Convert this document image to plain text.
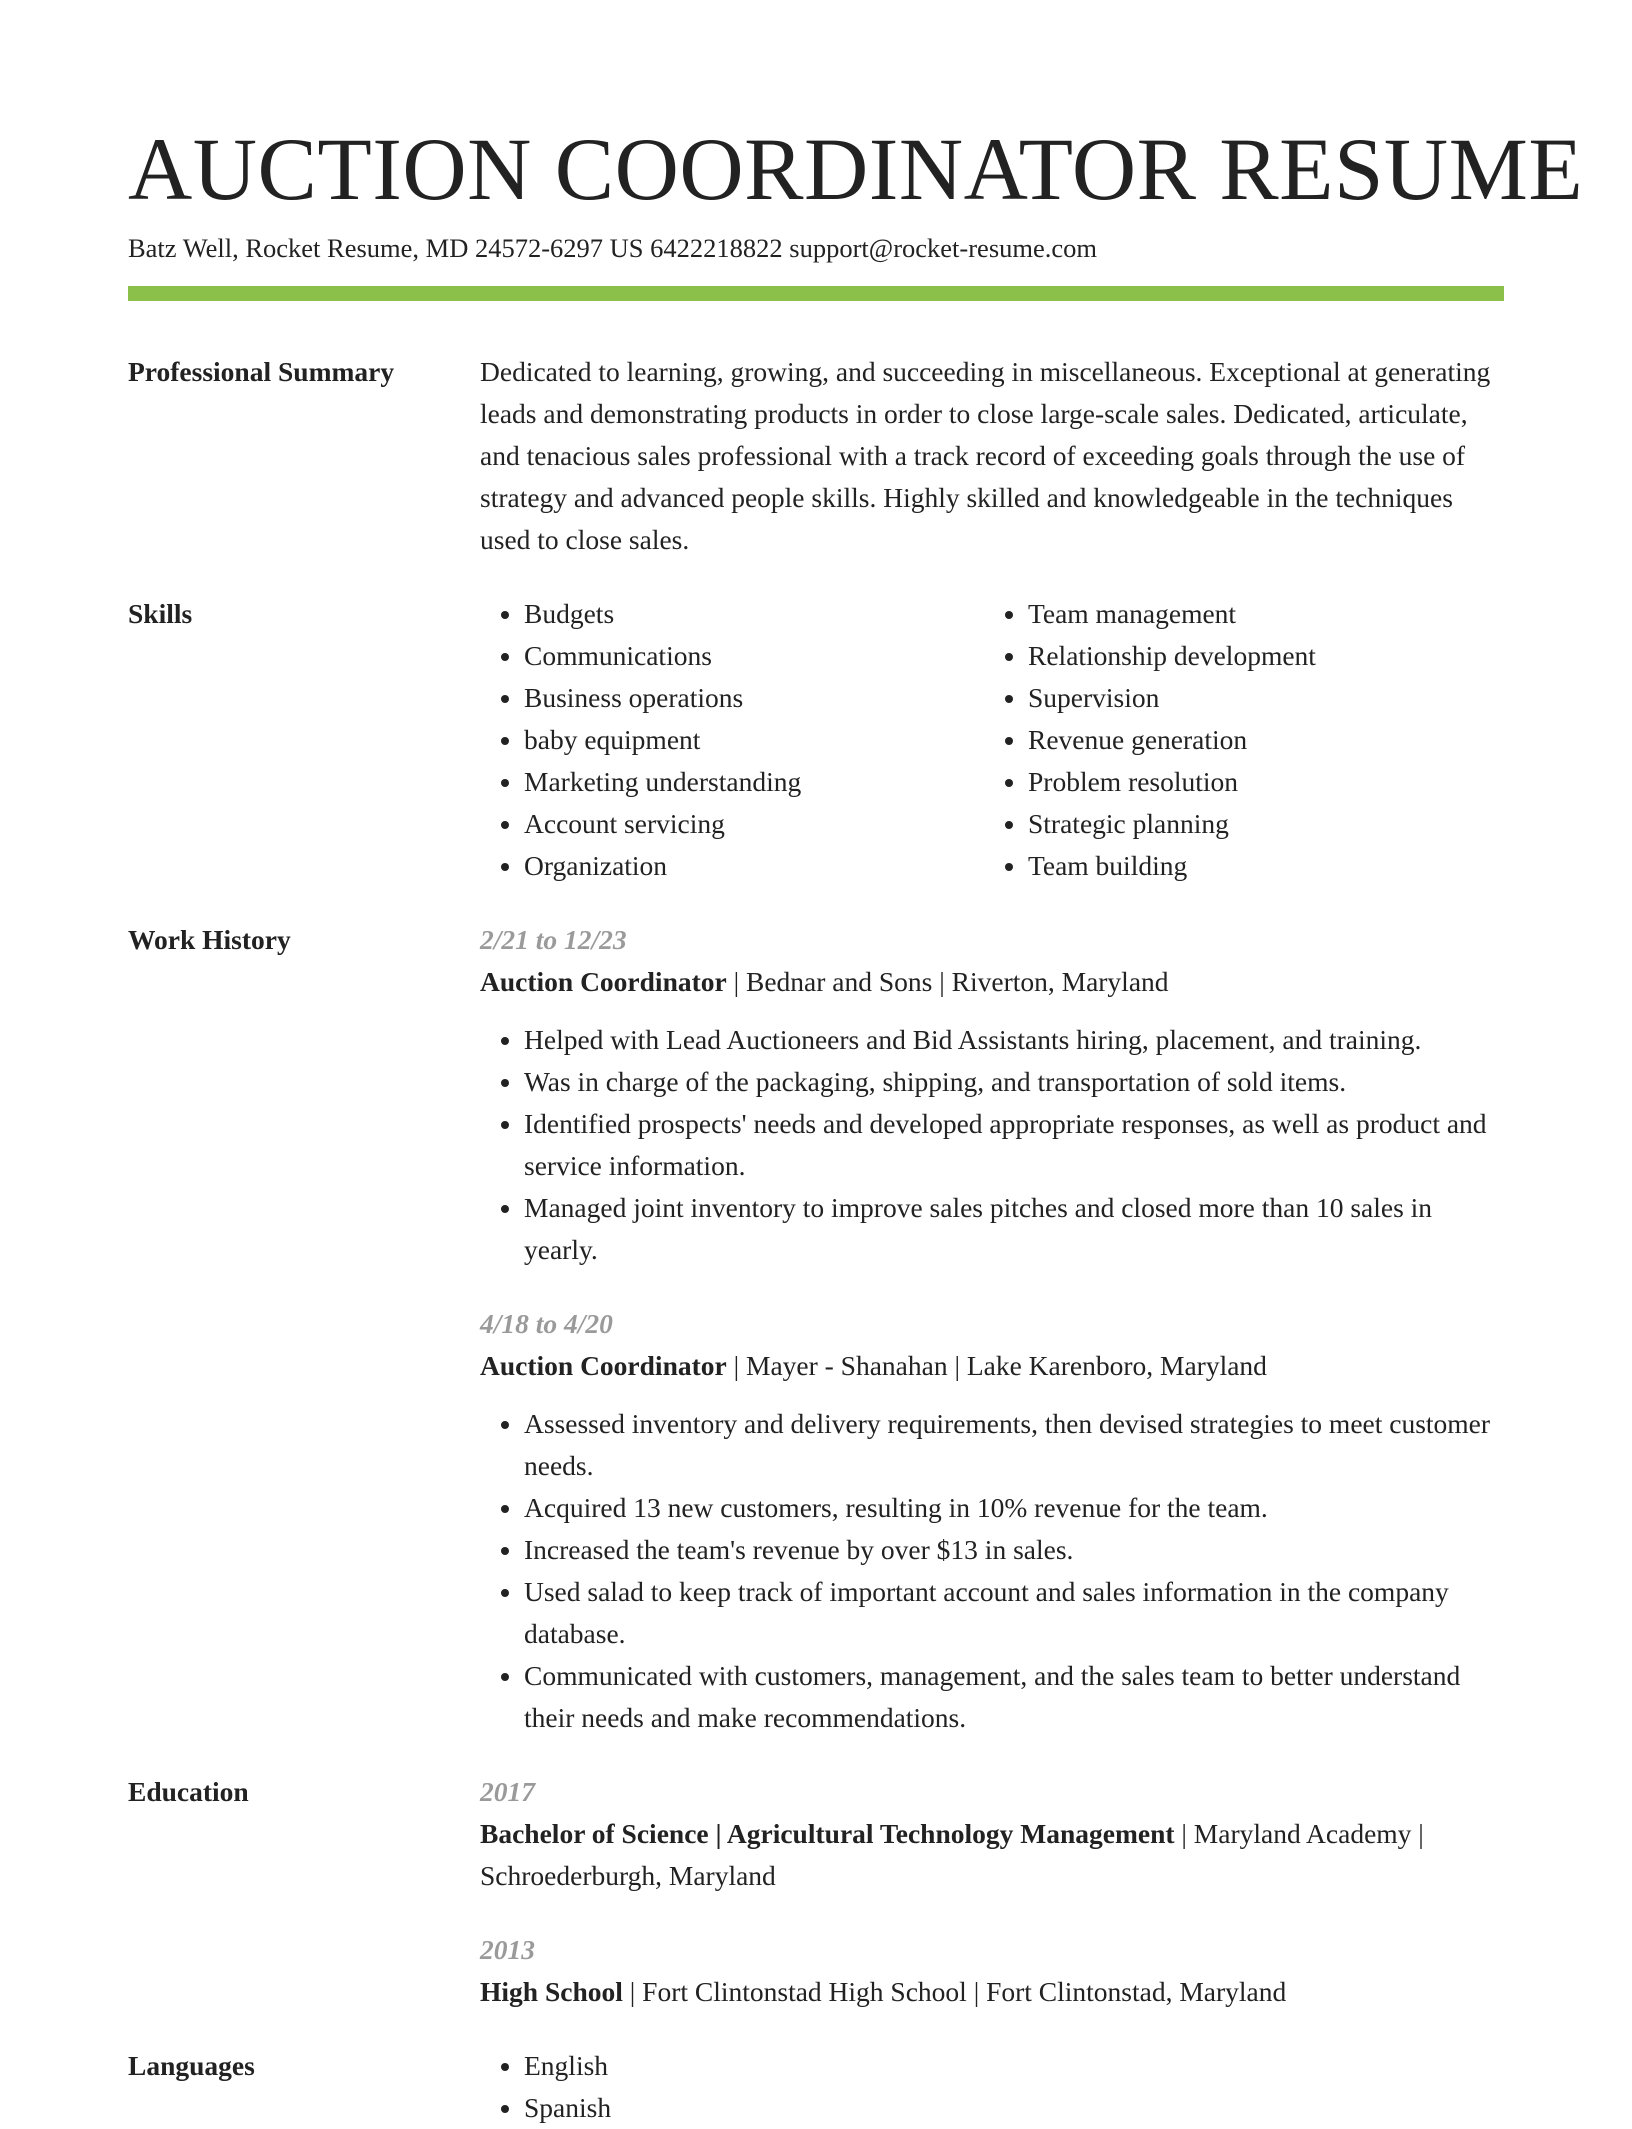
AUCTION COORDINATOR RESUME
Batz Well, Rocket Resume, MD 24572-6297 US 6422218822 support@rocket-resume.com
Professional Summary	Dedicated to learning, growing, and succeeding in miscellaneous. Exceptional at generating leads and demonstrating products in order to close large-scale sales. Dedicated, articulate, and tenacious sales professional with a track record of exceeding goals through the use of strategy and advanced people skills. Highly skilled and knowledgeable in the techniques used to close sales.
Skills	• Budgets
• Communications
• Business operations
• baby equipment
• Marketing understanding
• Account servicing
• Organization
• Team management
• Relationship development
• Supervision
• Revenue generation
• Problem resolution
• Strategic planning
• Team building
Work History	2/21 to 12/23
Auction Coordinator | Bednar and Sons | Riverton, Maryland
• Helped with Lead Auctioneers and Bid Assistants hiring, placement, and training.
• Was in charge of the packaging, shipping, and transportation of sold items.
• Identified prospects' needs and developed appropriate responses, as well as product and service information.
• Managed joint inventory to improve sales pitches and closed more than 10 sales in yearly.
4/18 to 4/20
Auction Coordinator | Mayer - Shanahan | Lake Karenboro, Maryland
• Assessed inventory and delivery requirements, then devised strategies to meet customer needs.
• Acquired 13 new customers, resulting in 10% revenue for the team.
• Increased the team's revenue by over $13 in sales.
• Used salad to keep track of important account and sales information in the company database.
• Communicated with customers, management, and the sales team to better understand their needs and make recommendations.
Education	2017
Bachelor of Science | Agricultural Technology Management | Maryland Academy | Schroederburgh, Maryland
2013
High School | Fort Clintonstad High School | Fort Clintonstad, Maryland
Languages	• English
• Spanish
